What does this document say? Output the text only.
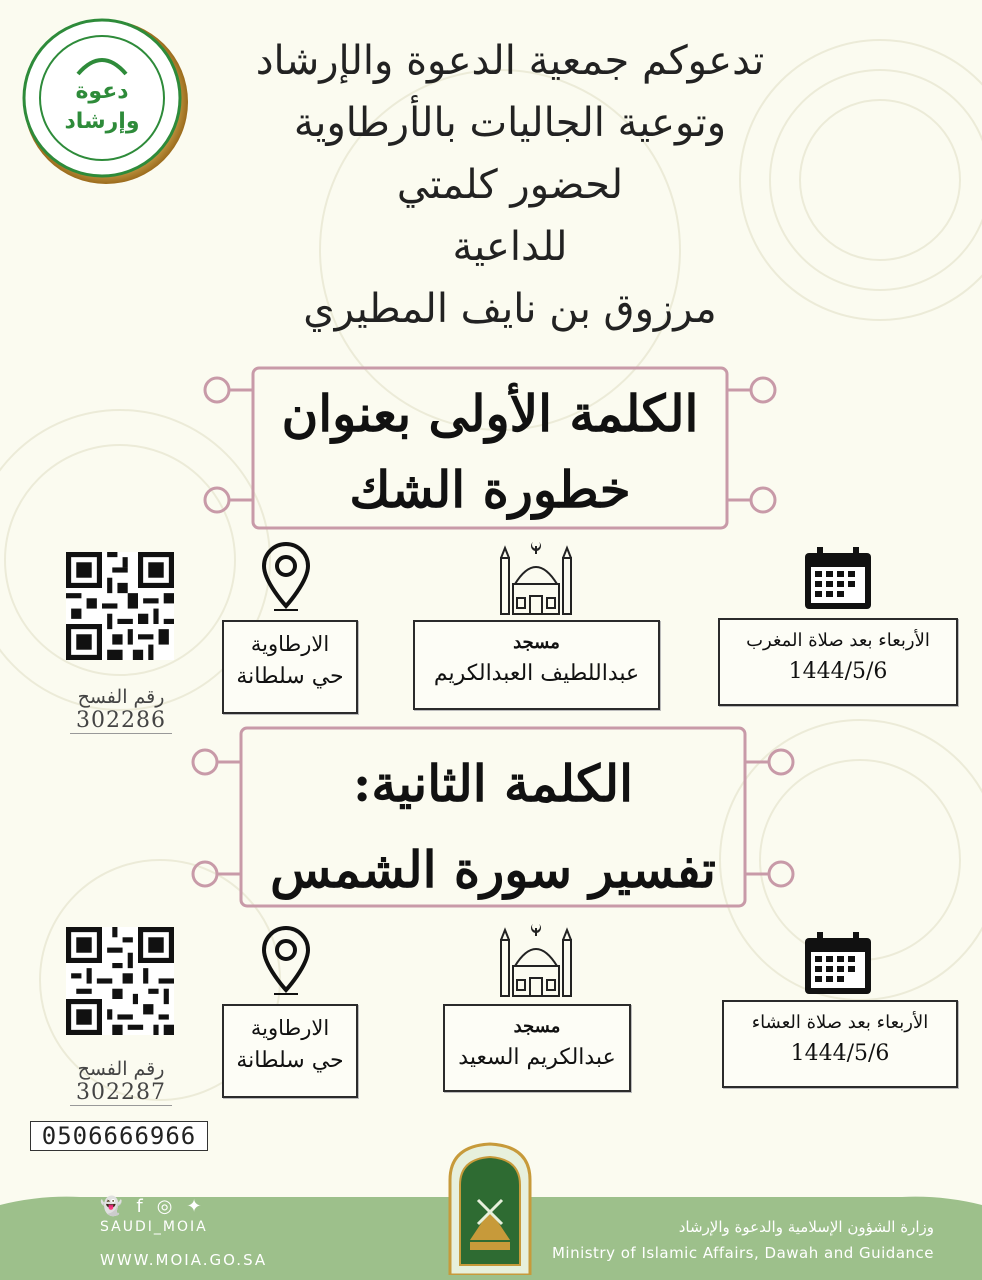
دعوة
وإرشاد
تدعوكم جمعية الدعوة والإرشاد
وتوعية الجاليات بالأرطاوية
لحضور كلمتي
للداعية
مرزوق بن نايف المطيري
الكلمة الأولى بعنوان
خطورة الشك
الأربعاء بعد صلاة المغرب
1444/5/6
مسجد
عبداللطيف العبدالكريم
الارطاوية
حي سلطانة
رقم الفسح
302286
الكلمة الثانية:
تفسير سورة الشمس
الأربعاء بعد صلاة العشاء
1444/5/6
مسجد
عبدالكريم السعيد
الارطاوية
حي سلطانة
رقم الفسح
302287
0506666966
👻f◎✦
SAUDI_MOIA
WWW.MOIA.GO.SA
وزارة الشؤون الإسلامية والدعوة والإرشاد
Ministry of Islamic Affairs, Dawah and Guidance
